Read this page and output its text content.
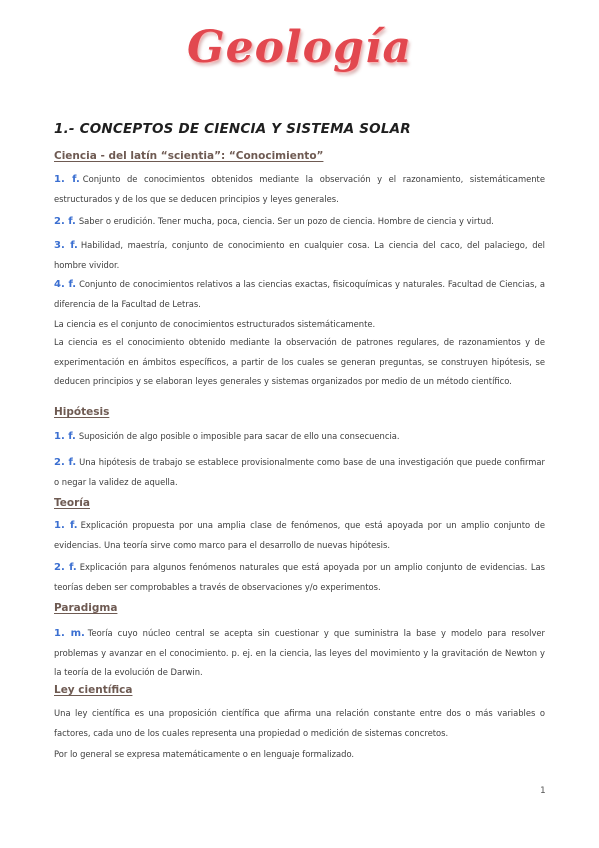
Geología
1.- CONCEPTOS DE CIENCIA Y SISTEMA SOLAR
Ciencia - del latín “scientia”: “Conocimiento”
1. f. Conjunto de conocimientos obtenidos mediante la observación y el razonamiento, sistemáticamente estructurados y de los que se deducen principios y leyes generales.
2. f. Saber o erudición. Tener mucha, poca, ciencia. Ser un pozo de ciencia. Hombre de ciencia y virtud.
3. f. Habilidad, maestría, conjunto de conocimiento en cualquier cosa. La ciencia del caco, del palaciego, del hombre vividor.
4. f. Conjunto de conocimientos relativos a las ciencias exactas, fisicoquímicas y naturales. Facultad de Ciencias, a diferencia de la Facultad de Letras.
La ciencia es el conjunto de conocimientos estructurados sistemáticamente.
La ciencia es el conocimiento obtenido mediante la observación de patrones regulares, de razonamientos y de experimentación en ámbitos específicos, a partir de los cuales se generan preguntas, se construyen hipótesis, se deducen principios y se elaboran leyes generales y sistemas organizados por medio de un método científico.
Hipótesis
1. f. Suposición de algo posible o imposible para sacar de ello una consecuencia.
2. f. Una hipótesis de trabajo se establece provisionalmente como base de una investigación que puede confirmar o negar la validez de aquella.
Teoría
1. f. Explicación propuesta por una amplia clase de fenómenos, que está apoyada por un amplio conjunto de evidencias. Una teoría sirve como marco para el desarrollo de nuevas hipótesis.
2. f. Explicación para algunos fenómenos naturales que está apoyada por un amplio conjunto de evidencias. Las teorías deben ser comprobables a través de observaciones y/o experimentos.
Paradigma
1. m. Teoría cuyo núcleo central se acepta sin cuestionar y que suministra la base y modelo para resolver problemas y avanzar en el conocimiento. p. ej. en la ciencia, las leyes del movimiento y la gravitación de Newton y la teoría de la evolución de Darwin.
Ley científica
Una ley científica es una proposición científica que afirma una relación constante entre dos o más variables o factores, cada uno de los cuales representa una propiedad o medición de sistemas concretos.
Por lo general se expresa matemáticamente o en lenguaje formalizado.
1
